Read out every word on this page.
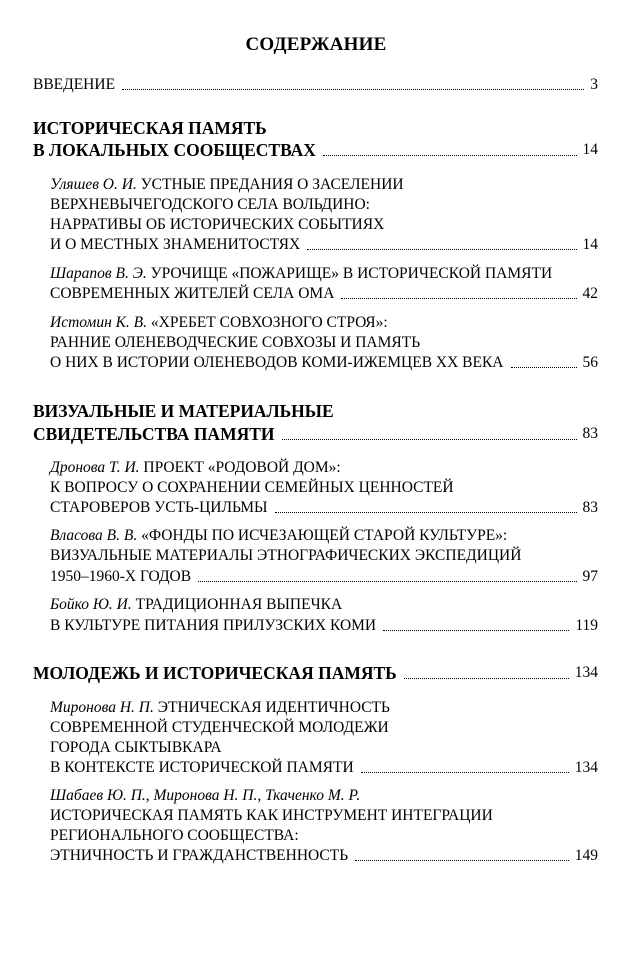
СОДЕРЖАНИЕ
ВВЕДЕНИЕ	3
ИСТОРИЧЕСКАЯ ПАМЯТЬ
В ЛОКАЛЬНЫХ СООБЩЕСТВАХ	14
Уляшев О. И. УСТНЫЕ ПРЕДАНИЯ О ЗАСЕЛЕНИИ
ВЕРХНЕВЫЧЕГОДСКОГО СЕЛА ВОЛЬДИНО:
НАРРАТИВЫ ОБ ИСТОРИЧЕСКИХ СОБЫТИЯХ
И О МЕСТНЫХ ЗНАМЕНИТОСТЯХ	14
Шарапов В. Э. УРОЧИЩЕ «ПОЖАРИЩЕ» В ИСТОРИЧЕСКОЙ ПАМЯТИ
СОВРЕМЕННЫХ ЖИТЕЛЕЙ СЕЛА ОМА	42
Истомин К. В. «ХРЕБЕТ СОВХОЗНОГО СТРОЯ»:
РАННИЕ ОЛЕНЕВОДЧЕСКИЕ СОВХОЗЫ И ПАМЯТЬ
О НИХ В ИСТОРИИ ОЛЕНЕВОДОВ КОМИ-ИЖЕМЦЕВ XX ВЕКА	56
ВИЗУАЛЬНЫЕ И МАТЕРИАЛЬНЫЕ
СВИДЕТЕЛЬСТВА ПАМЯТИ	83
Дронова Т. И. ПРОЕКТ «РОДОВОЙ ДОМ»:
К ВОПРОСУ О СОХРАНЕНИИ СЕМЕЙНЫХ ЦЕННОСТЕЙ
СТАРОВЕРОВ УСТЬ-ЦИЛЬМЫ	83
Власова В. В. «ФОНДЫ ПО ИСЧЕЗАЮЩЕЙ СТАРОЙ КУЛЬТУРЕ»:
ВИЗУАЛЬНЫЕ МАТЕРИАЛЫ ЭТНОГРАФИЧЕСКИХ ЭКСПЕДИЦИЙ
1950–1960-Х ГОДОВ	97
Бойко Ю. И. ТРАДИЦИОННАЯ ВЫПЕЧКА
В КУЛЬТУРЕ ПИТАНИЯ ПРИЛУЗСКИХ КОМИ	119
МОЛОДЕЖЬ И ИСТОРИЧЕСКАЯ ПАМЯТЬ	134
Миронова Н. П. ЭТНИЧЕСКАЯ ИДЕНТИЧНОСТЬ
СОВРЕМЕННОЙ СТУДЕНЧЕСКОЙ МОЛОДЕЖИ
ГОРОДА СЫКТЫВКАРА
В КОНТЕКСТЕ ИСТОРИЧЕСКОЙ ПАМЯТИ	134
Шабаев Ю. П., Миронова Н. П., Ткаченко М. Р.
ИСТОРИЧЕСКАЯ ПАМЯТЬ КАК ИНСТРУМЕНТ ИНТЕГРАЦИИ
РЕГИОНАЛЬНОГО СООБЩЕСТВА:
ЭТНИЧНОСТЬ И ГРАЖДАНСТВЕННОСТЬ	149
